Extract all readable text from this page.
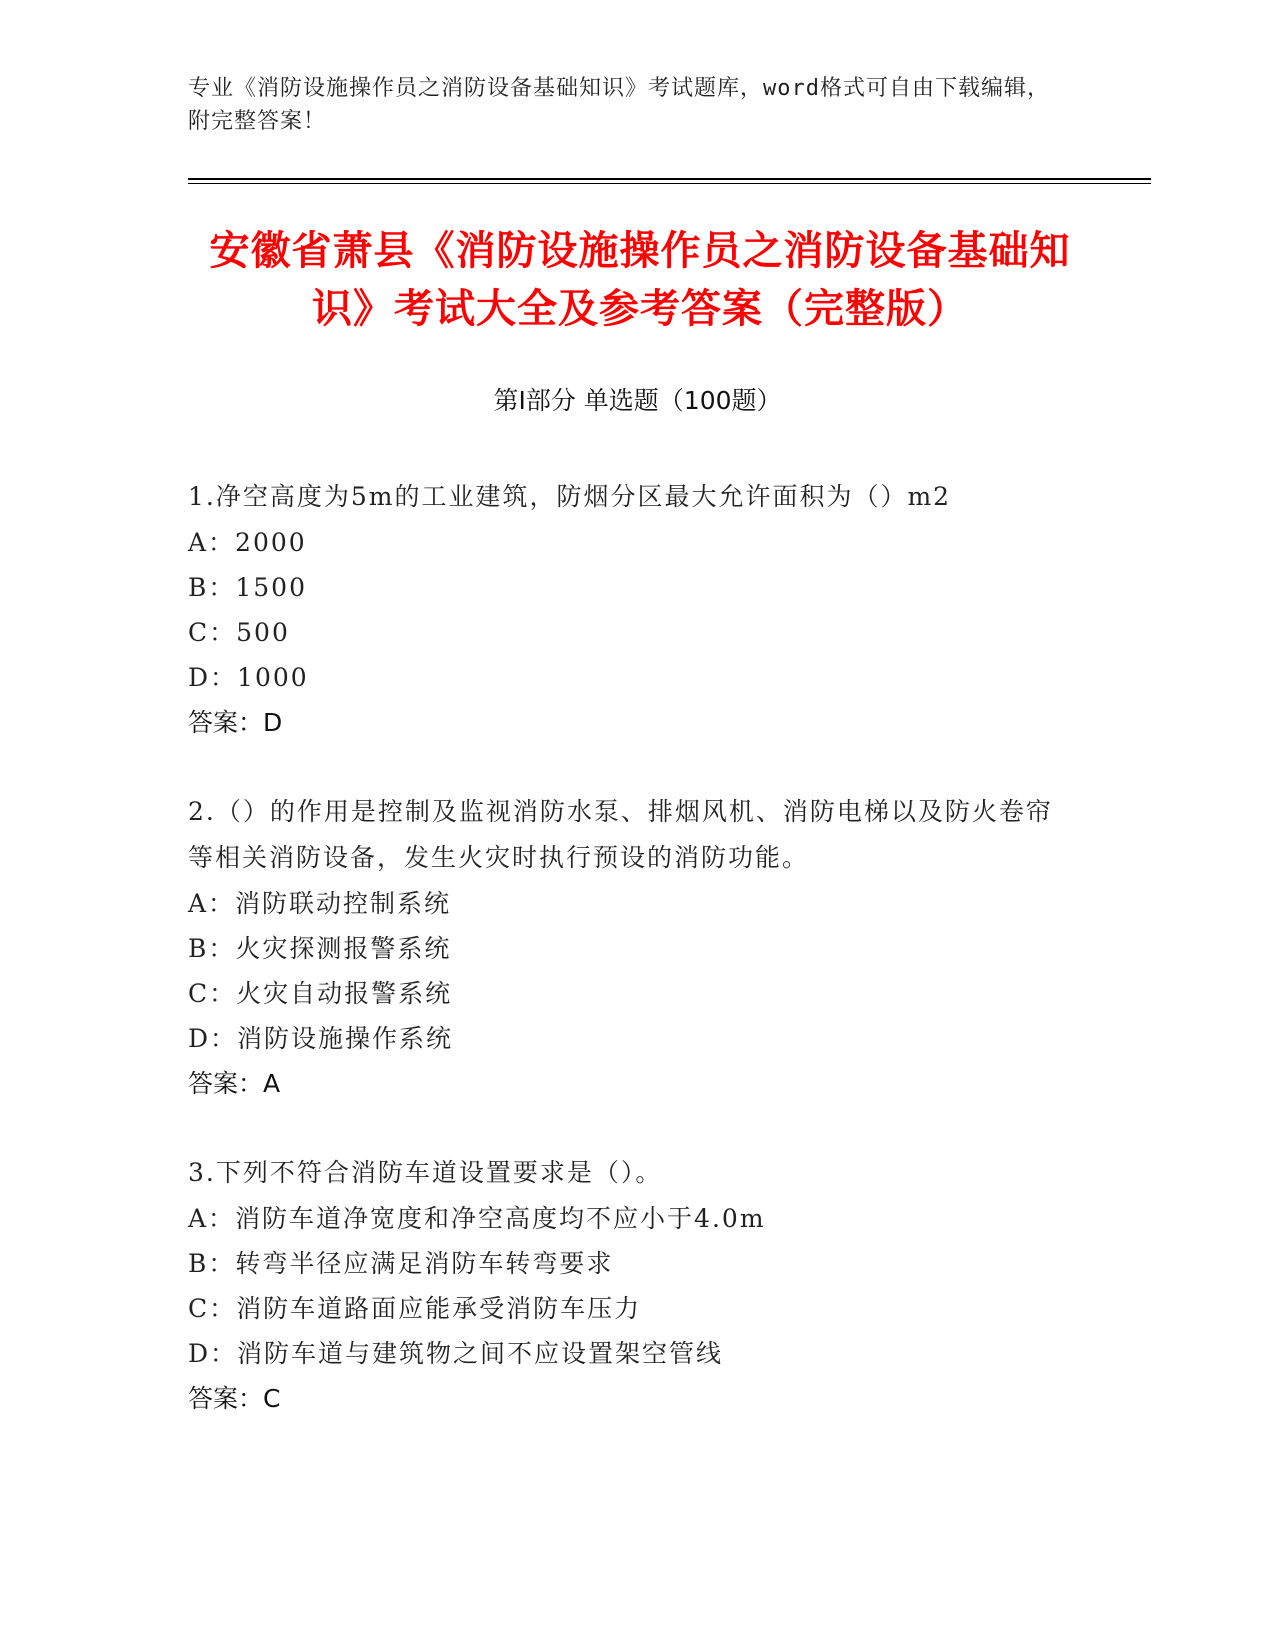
专业《消防设施操作员之消防设备基础知识》考试题库，word格式可自由下载编辑，附完整答案！
安徽省萧县《消防设施操作员之消防设备基础知识》考试大全及参考答案（完整版）
第Ⅰ部分 单选题（100题）
1.净空高度为5m的工业建筑，防烟分区最大允许面积为（）m2
A：2000
B：1500
C：500
D：1000
答案：D
2.（）的作用是控制及监视消防水泵、排烟风机、消防电梯以及防火卷帘等相关消防设备，发生火灾时执行预设的消防功能。
A：消防联动控制系统
B：火灾探测报警系统
C：火灾自动报警系统
D：消防设施操作系统
答案：A
3.下列不符合消防车道设置要求是（）。
A：消防车道净宽度和净空高度均不应小于4.0m
B：转弯半径应满足消防车转弯要求
C：消防车道路面应能承受消防车压力
D：消防车道与建筑物之间不应设置架空管线
答案：C
